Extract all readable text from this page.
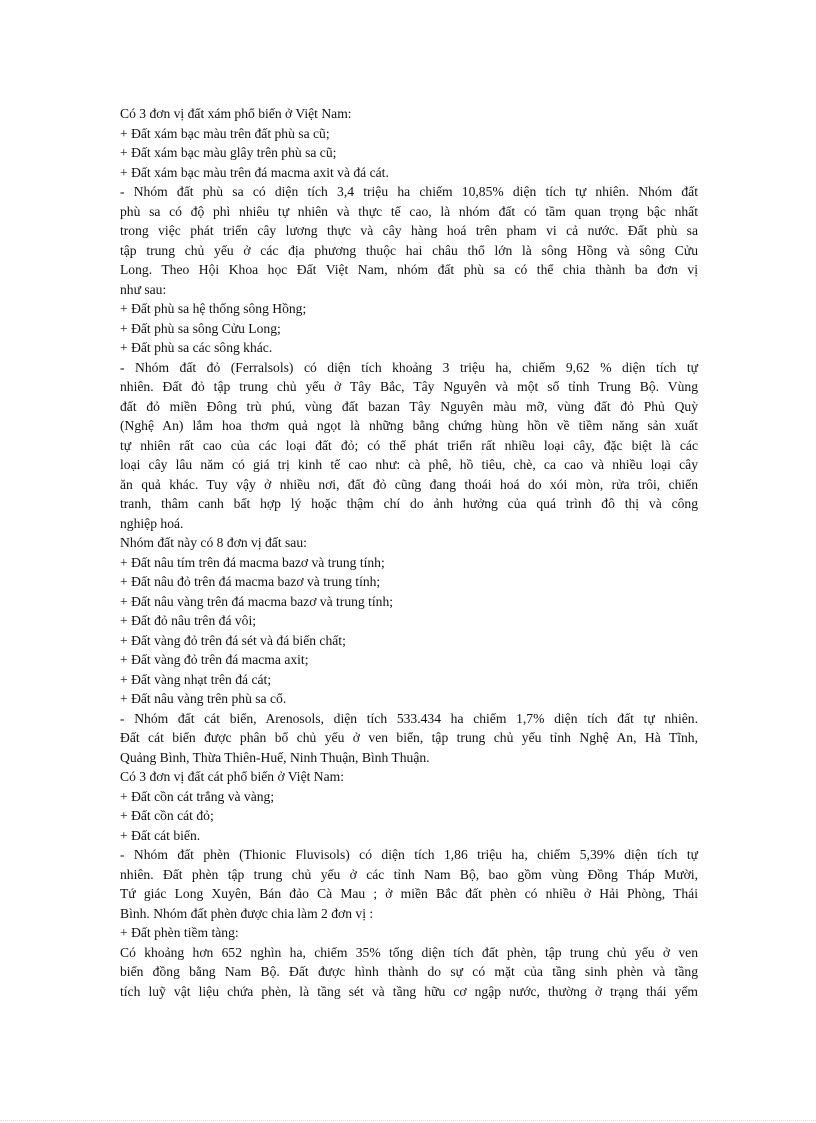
Có 3 đơn vị đất xám phổ biến ở Việt Nam:
+ Đất xám bạc màu trên đất phù sa cũ;
+ Đất xám bạc màu glây trên phù sa cũ;
+ Đất xám bạc màu trên đá macma axit và đá cát.
- Nhóm đất phù sa có diện tích 3,4 triệu ha chiếm 10,85% diện tích tự nhiên. Nhóm đất
phù sa có độ phì nhiêu tự nhiên và thực tế cao, là nhóm đất có tầm quan trọng bậc nhất
trong việc phát triển cây lương thực và cây hàng hoá trên pham vi cả nước. Đất phù sa
tập trung chủ yếu ở các địa phương thuộc hai châu thổ lớn là sông Hồng và sông Cửu
Long. Theo Hội Khoa học Đất Việt Nam, nhóm đất phù sa có thể chia thành ba đơn vị
như sau:
+ Đất phù sa hệ thống sông Hồng;
+ Đất phù sa sông Cửu Long;
+ Đất phù sa các sông khác.
- Nhóm đất đỏ (Ferralsols) có diện tích khoảng 3 triệu ha, chiếm 9,62 % diện tích tự
nhiên. Đất đỏ tập trung chủ yếu ở Tây Bắc, Tây Nguyên và một số tỉnh Trung Bộ. Vùng
đất đỏ miền Đông trù phú, vùng đất bazan Tây Nguyên màu mỡ, vùng đất đỏ Phủ Quỳ
(Nghệ An) lắm hoa thơm quả ngọt là những bằng chứng hùng hồn về tiềm năng sản xuất
tự nhiên rất cao của các loại đất đỏ; có thể phát triển rất nhiều loại cây, đặc biệt là các
loại cây lâu năm có giá trị kinh tế cao như: cà phê, hồ tiêu, chè, ca cao và nhiều loại cây
ăn quả khác. Tuy vậy ở nhiều nơi, đất đỏ cũng đang thoái hoá do xói mòn, rửa trôi, chiến
tranh, thâm canh bất hợp lý hoặc thậm chí do ảnh hưởng của quá trình đô thị và công
nghiệp hoá.
Nhóm đất này có 8 đơn vị đất sau:
+ Đất nâu tím trên đá macma bazơ và trung tính;
+ Đất nâu đỏ trên đá macma bazơ và trung tính;
+ Đất nâu vàng trên đá macma bazơ và trung tính;
+ Đất đỏ nâu trên đá vôi;
+ Đất vàng đỏ trên đá sét và đá biến chất;
+ Đất vàng đỏ trên đá macma axit;
+ Đất vàng nhạt trên đá cát;
+ Đất nâu vàng trên phù sa cổ.
- Nhóm đất cát biển, Arenosols, diện tích 533.434 ha chiếm 1,7% diện tích đất tự nhiên.
Đất cát biển được phân bố chủ yếu ở ven biển, tập trung chủ yếu tỉnh Nghệ An, Hà Tĩnh,
Quảng Bình, Thừa Thiên-Huế, Ninh Thuận, Bình Thuận.
Có 3 đơn vị đất cát phổ biến ở Việt Nam:
+ Đất cồn cát trắng và vàng;
+ Đất cồn cát đỏ;
+ Đất cát biển.
- Nhóm đất phèn (Thionic Fluvisols) có diện tích 1,86 triệu ha, chiếm 5,39% diện tích tự
nhiên. Đất phèn tập trung chủ yếu ở các tỉnh Nam Bộ, bao gồm vùng Đồng Tháp Mười,
Tứ giác Long Xuyên, Bán đảo Cà Mau ; ở miền Bắc đất phèn có nhiều ở Hải Phòng, Thái
Bình. Nhóm đất phèn được chia làm 2 đơn vị :
+ Đất phèn tiềm tàng:
Có khoảng hơn 652 nghìn ha, chiếm 35% tổng diện tích đất phèn, tập trung chủ yếu ở ven
biển đồng bằng Nam Bộ. Đất được hình thành do sự có mặt của tầng sinh phèn và tầng
tích luỹ vật liệu chứa phèn, là tầng sét và tầng hữu cơ ngập nước, thường ở trạng thái yếm
